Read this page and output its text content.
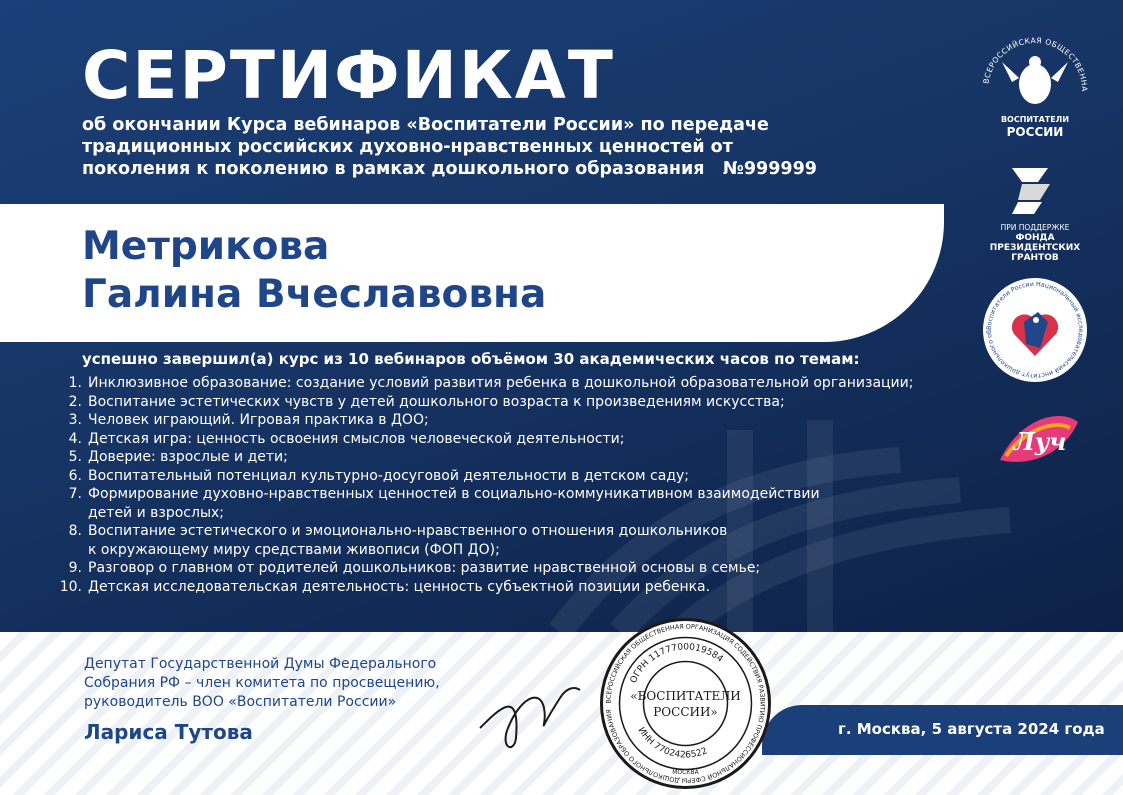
СЕРТИФИКАТ
об окончании Курса вебинаров «Воспитатели России» по передаче традиционных российских духовно-нравственных ценностей от поколения к поколению в рамках дошкольного образования №999999
Метрикова
Галина Вчеславовна
успешно завершил(а) курс из 10 вебинаров объёмом 30 академических часов по темам:
1. Инклюзивное образование: создание условий развития ребенка в дошкольной образовательной организации;
2. Воспитание эстетических чувств у детей дошкольного возраста к произведениям искусства;
3. Человек играющий. Игровая практика в ДОО;
4. Детская игра: ценность освоения смыслов человеческой деятельности;
5. Доверие: взрослые и дети;
6. Воспитательный потенциал культурно-досуговой деятельности в детском саду;
7. Формирование духовно-нравственных ценностей в социально-коммуникативном взаимодействии
детей и взрослых;
8. Воспитание эстетического и эмоционально-нравственного отношения дошкольников
к окружающему миру средствами живописи (ФОП ДО);
9. Разговор о главном от родителей дошкольников: развитие нравственной основы в семье;
10. Детская исследовательская деятельность: ценность субъектной позиции ребенка.
ВСЕРОССИЙСКАЯ ОБЩЕСТВЕННА
ВОСПИТАТЕЛИ
РОССИИ

ПРИ ПОДДЕРЖКЕ
ФОНДА
ПРЕЗИДЕНТСКИХ
ГРАНТОВ

Воспитатели России Национальный исследовательский институт дошкольного об

Луч
Депутат Государственной Думы Федерального
Собрания РФ – член комитета по просвещению,
руководитель ВОО «Воспитатели России»
Лариса Тутова	г. Москва, 5 августа 2024 года
ВСЕРОССИЙСКАЯ ОБЩЕСТВЕННАЯ ОРГАНИЗАЦИЯ СОДЕЙСТВИЯ РАЗВИТИЮ ПРОФЕССИОНАЛЬНОЙ СФЕРЫ ДОШКОЛЬНОГО ОБРАЗОВАНИЯ
ОГРН 1177700019584
ИНН 7702426522
«ВОСПИТАТЕЛИ
РОССИИ»
МОСКВА
